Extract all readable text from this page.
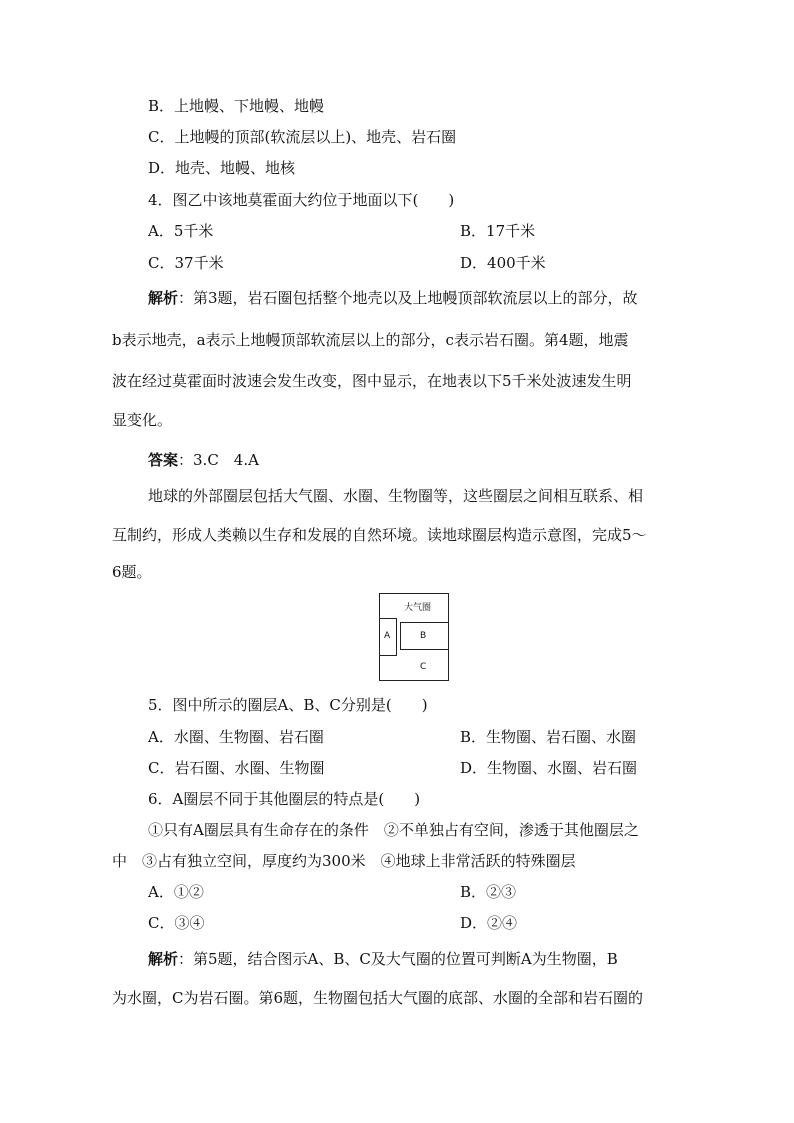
B．上地幔、下地幔、地幔
C．上地幔的顶部(软流层以上)、地壳、岩石圈
D．地壳、地幔、地核
4．图乙中该地莫霍面大约位于地面以下(　　)
A．5千米	B．17千米
C．37千米	D．400千米
解析：第3题，岩石圈包括整个地壳以及上地幔顶部软流层以上的部分，故
b表示地壳，a表示上地幔顶部软流层以上的部分，c表示岩石圈。第4题，地震
波在经过莫霍面时波速会发生改变，图中显示，在地表以下5千米处波速发生明
显变化。
答案：3.C　4.A
地球的外部圈层包括大气圈、水圈、生物圈等，这些圈层之间相互联系、相
互制约，形成人类赖以生存和发展的自然环境。读地球圈层构造示意图，完成5～
6题。
大气圈
A	B
C
5．图中所示的圈层A、B、C分别是(　　)
A．水圈、生物圈、岩石圈	B．生物圈、岩石圈、水圈
C．岩石圈、水圈、生物圈	D．生物圈、水圈、岩石圈
6．A圈层不同于其他圈层的特点是(　　)
①只有A圈层具有生命存在的条件　②不单独占有空间，渗透于其他圈层之
中　③占有独立空间，厚度约为300米　④地球上非常活跃的特殊圈层
A．①②	B．②③
C．③④	D．②④
解析：第5题，结合图示A、B、C及大气圈的位置可判断A为生物圈，B
为水圈，C为岩石圈。第6题，生物圈包括大气圈的底部、水圈的全部和岩石圈的
